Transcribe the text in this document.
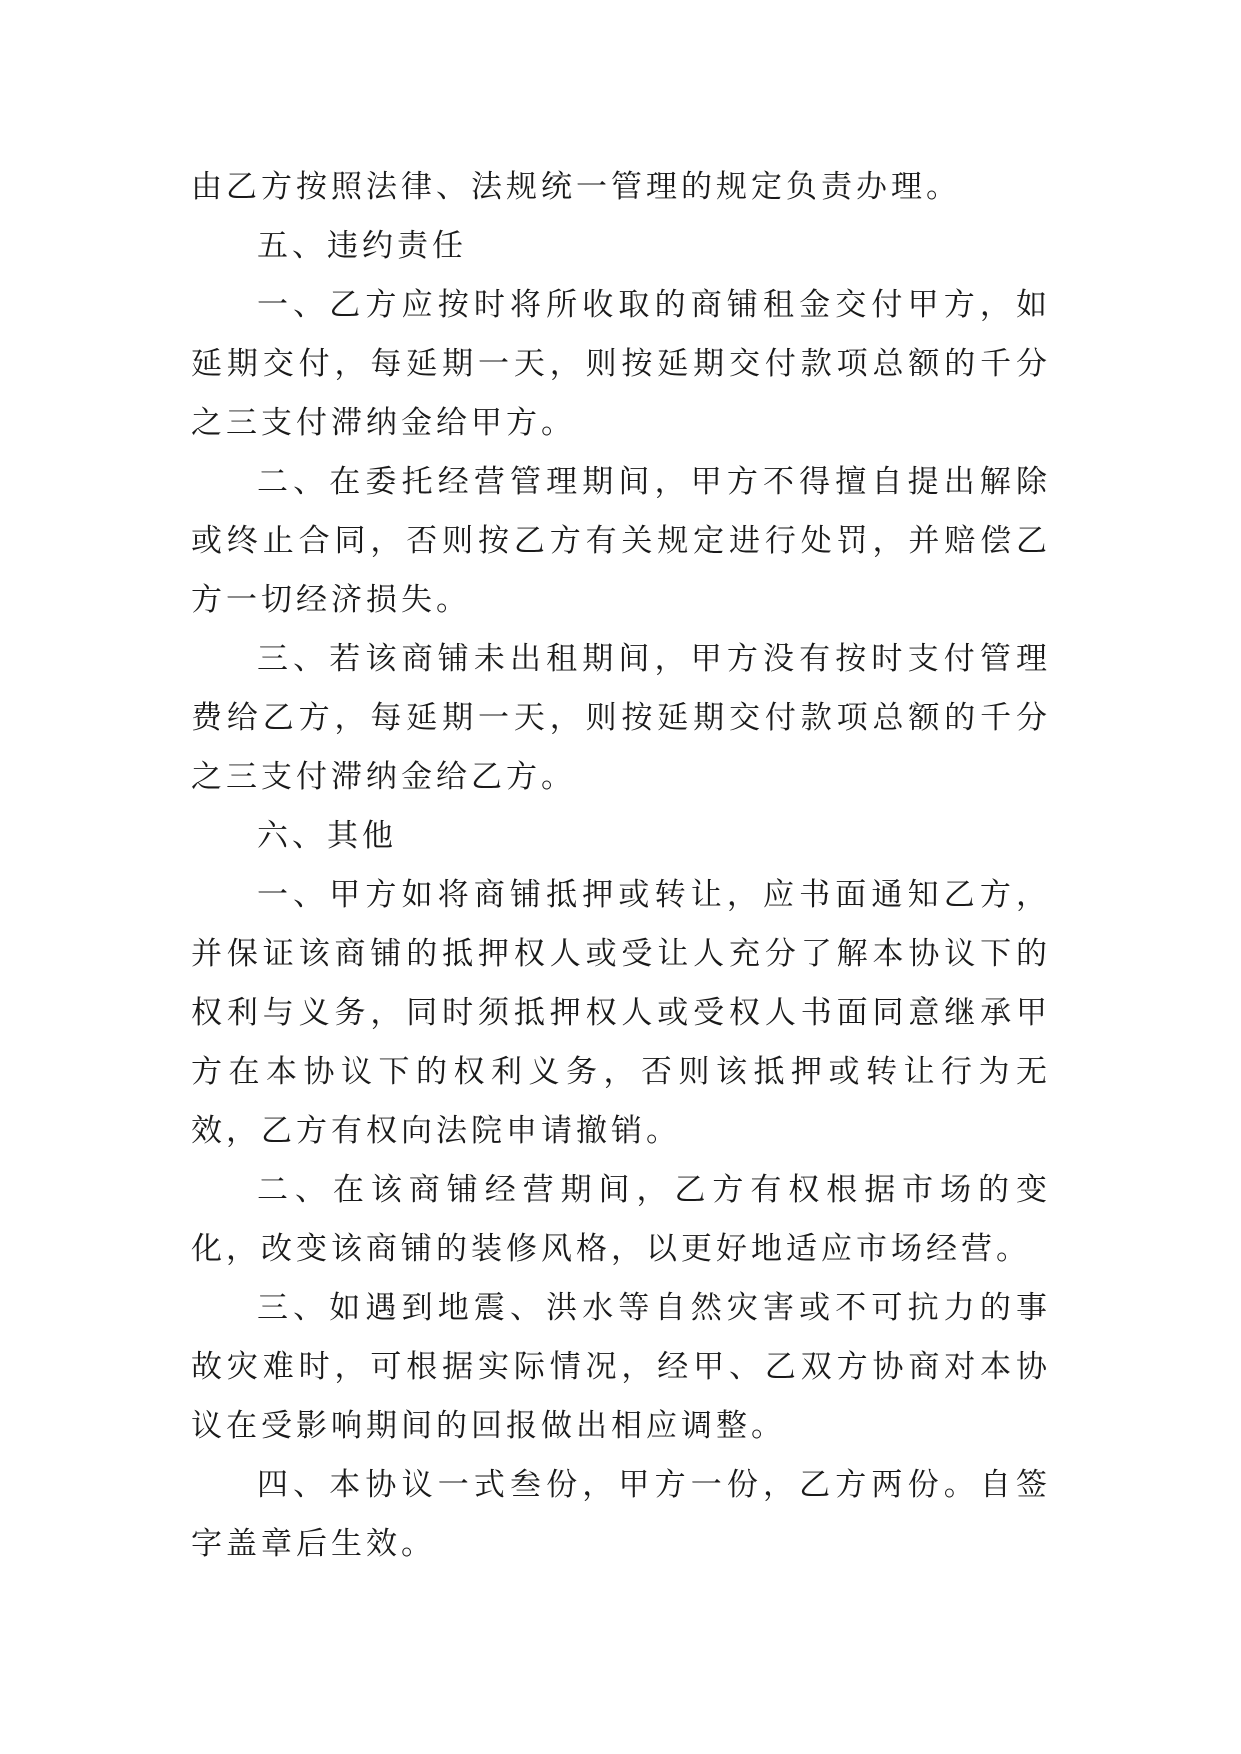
由乙方按照法律、法规统一管理的规定负责办理。

五、违约责任

一、乙方应按时将所收取的商铺租金交付甲方，如延期交付，每延期一天，则按延期交付款项总额的千分之三支付滞纳金给甲方。

二、在委托经营管理期间，甲方不得擅自提出解除或终止合同，否则按乙方有关规定进行处罚，并赔偿乙方一切经济损失。

三、若该商铺未出租期间，甲方没有按时支付管理费给乙方，每延期一天，则按延期交付款项总额的千分之三支付滞纳金给乙方。

六、其他

一、甲方如将商铺抵押或转让，应书面通知乙方，并保证该商铺的抵押权人或受让人充分了解本协议下的权利与义务，同时须抵押权人或受权人书面同意继承甲方在本协议下的权利义务，否则该抵押或转让行为无效，乙方有权向法院申请撤销。

二、在该商铺经营期间，乙方有权根据市场的变化，改变该商铺的装修风格，以更好地适应市场经营。

三、如遇到地震、洪水等自然灾害或不可抗力的事故灾难时，可根据实际情况，经甲、乙双方协商对本协议在受影响期间的回报做出相应调整。

四、本协议一式叁份，甲方一份，乙方两份。自签字盖章后生效。
